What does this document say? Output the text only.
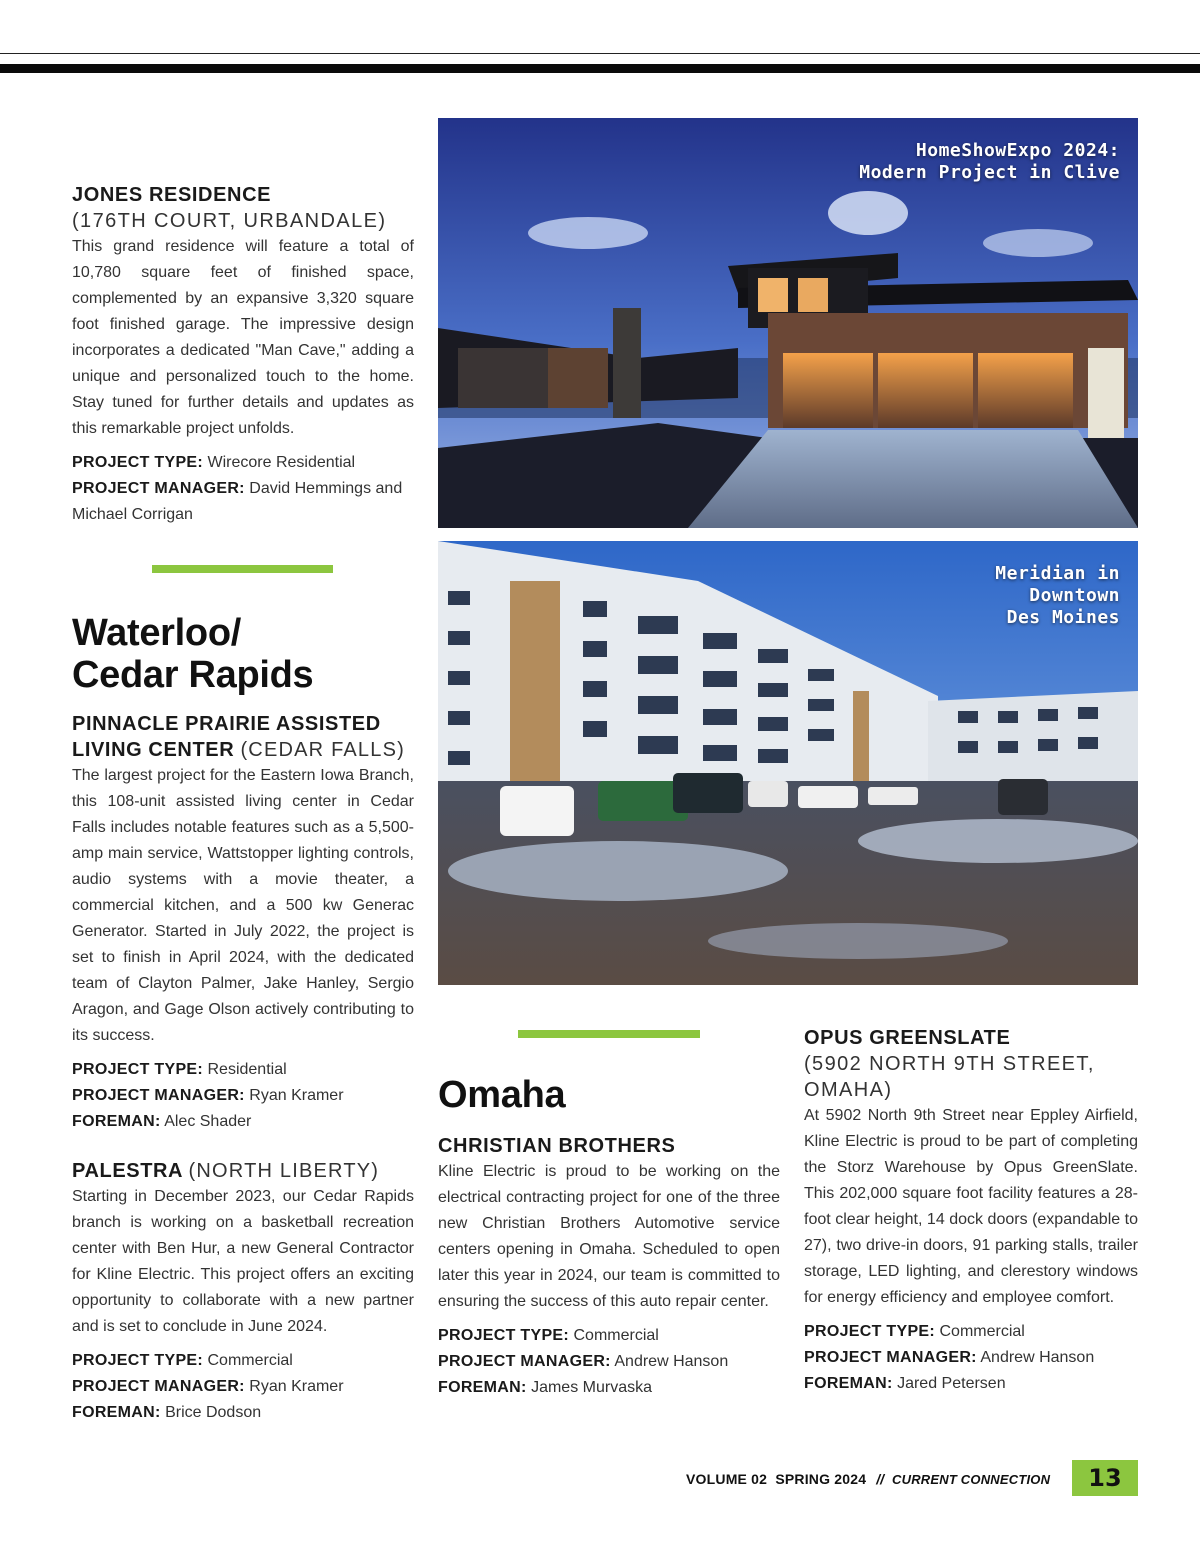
JONES RESIDENCE
(176TH COURT, URBANDALE)

This grand residence will feature a total of 10,780 square feet of finished space, complemented by an expansive 3,320 square foot finished garage. The impressive design incorporates a dedicated "Man Cave," adding a unique and personalized touch to the home. Stay tuned for further details and updates as this remarkable project unfolds.

PROJECT TYPE: Wirecore Residential
PROJECT MANAGER: David Hemmings and Michael Corrigan
Waterloo/
Cedar Rapids
PINNACLE PRAIRIE ASSISTED
LIVING CENTER (CEDAR FALLS)

The largest project for the Eastern Iowa Branch, this 108-unit assisted living center in Cedar Falls includes notable features such as a 5,500-amp main service, Wattstopper lighting controls, audio systems with a movie theater, a commercial kitchen, and a 500 kw Generac Generator. Started in July 2022, the project is set to finish in April 2024, with the dedicated team of Clayton Palmer, Jake Hanley, Sergio Aragon, and Gage Olson actively contributing to its success.

PROJECT TYPE: Residential
PROJECT MANAGER: Ryan Kramer
FOREMAN: Alec Shader
PALESTRA (NORTH LIBERTY)

Starting in December 2023, our Cedar Rapids branch is working on a basketball recreation center with Ben Hur, a new General Contractor for Kline Electric. This project offers an exciting opportunity to collaborate with a new partner and is set to conclude in June 2024.

PROJECT TYPE: Commercial
PROJECT MANAGER: Ryan Kramer
FOREMAN: Brice Dodson
HomeShowExpo 2024:
Modern Project in Clive
Meridian in
Downtown
Des Moines
Omaha
CHRISTIAN BROTHERS

Kline Electric is proud to be working on the electrical contracting project for one of the three new Christian Brothers Automotive service centers opening in Omaha. Scheduled to open later this year in 2024, our team is committed to ensuring the success of this auto repair center.

PROJECT TYPE: Commercial
PROJECT MANAGER: Andrew Hanson
FOREMAN: James Murvaska
OPUS GREENSLATE
(5902 NORTH 9TH STREET,
OMAHA)

At 5902 North 9th Street near Eppley Airfield, Kline Electric is proud to be part of completing the Storz Warehouse by Opus GreenSlate. This 202,000 square foot facility features a 28-foot clear height, 14 dock doors (expandable to 27), two drive-in doors, 91 parking stalls, trailer storage, LED lighting, and clerestory windows for energy efficiency and employee comfort.

PROJECT TYPE: Commercial
PROJECT MANAGER: Andrew Hanson
FOREMAN: Jared Petersen
VOLUME 02  SPRING 2024 // CURRENT CONNECTION	13
